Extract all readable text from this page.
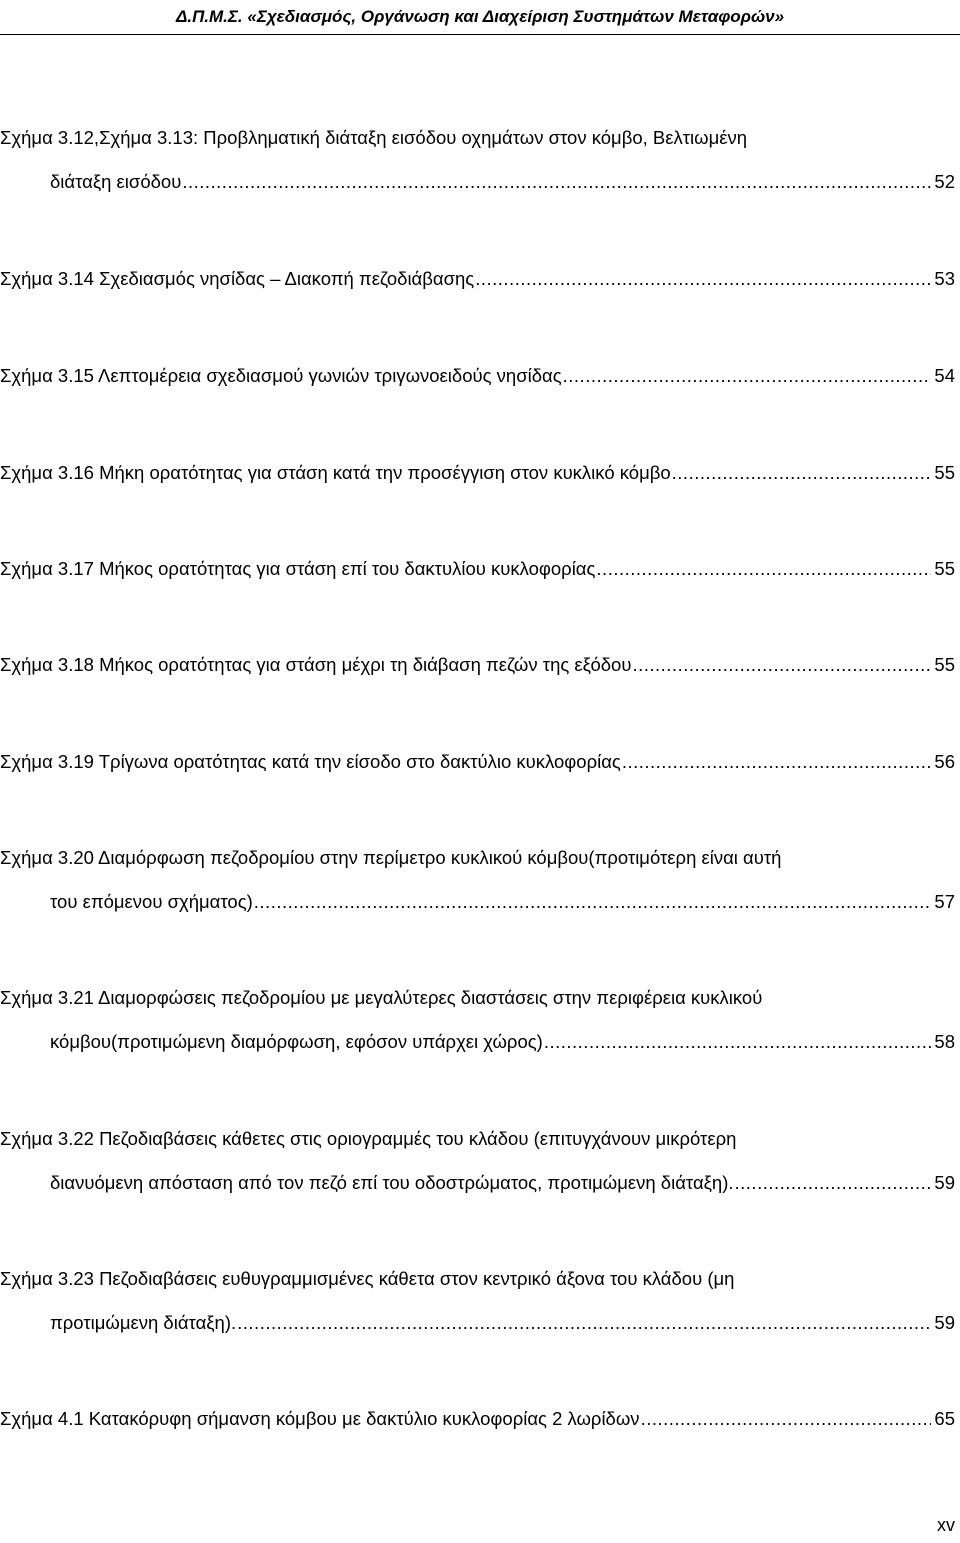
Δ.Π.Μ.Σ. «Σχεδιασμός, Οργάνωση και Διαχείριση Συστημάτων Μεταφορών»
Σχήμα 3.12,Σχήμα 3.13: Προβληματική διάταξη εισόδου οχημάτων στον κόμβο, Βελτιωμένη
διάταξη εισόδου .....	52
Σχήμα 3.14 Σχεδιασμός νησίδας – Διακοπή πεζοδιάβασης .....	53
Σχήμα 3.15 Λεπτομέρεια σχεδιασμού γωνιών τριγωνοειδούς νησίδας .....	54
Σχήμα 3.16 Μήκη ορατότητας για στάση κατά την προσέγγιση στον κυκλικό κόμβο .....	55
Σχήμα 3.17 Μήκος ορατότητας για στάση επί του δακτυλίου κυκλοφορίας .....	55
Σχήμα 3.18 Μήκος ορατότητας για στάση μέχρι τη διάβαση πεζών της εξόδου .....	55
Σχήμα 3.19 Τρίγωνα ορατότητας κατά την είσοδο στο δακτύλιο κυκλοφορίας .....	56
Σχήμα 3.20 Διαμόρφωση πεζοδρομίου στην περίμετρο κυκλικού κόμβου(προτιμότερη είναι αυτή
του επόμενου σχήματος) .....	57
Σχήμα 3.21 Διαμορφώσεις πεζοδρομίου με μεγαλύτερες διαστάσεις στην περιφέρεια κυκλικού
κόμβου(προτιμώμενη διαμόρφωση, εφόσον υπάρχει χώρος) .....	58
Σχήμα 3.22 Πεζοδιαβάσεις κάθετες στις οριογραμμές του κλάδου (επιτυγχάνουν μικρότερη
διανυόμενη απόσταση από τον πεζό επί του οδοστρώματος, προτιμώμενη διάταξη). .....	59
Σχήμα 3.23 Πεζοδιαβάσεις ευθυγραμμισμένες κάθετα στον κεντρικό άξονα του κλάδου (μη
προτιμώμενη διάταξη). .....	59
Σχήμα 4.1 Κατακόρυφη σήμανση κόμβου με δακτύλιο κυκλοφορίας 2 λωρίδων .....	65
xv
